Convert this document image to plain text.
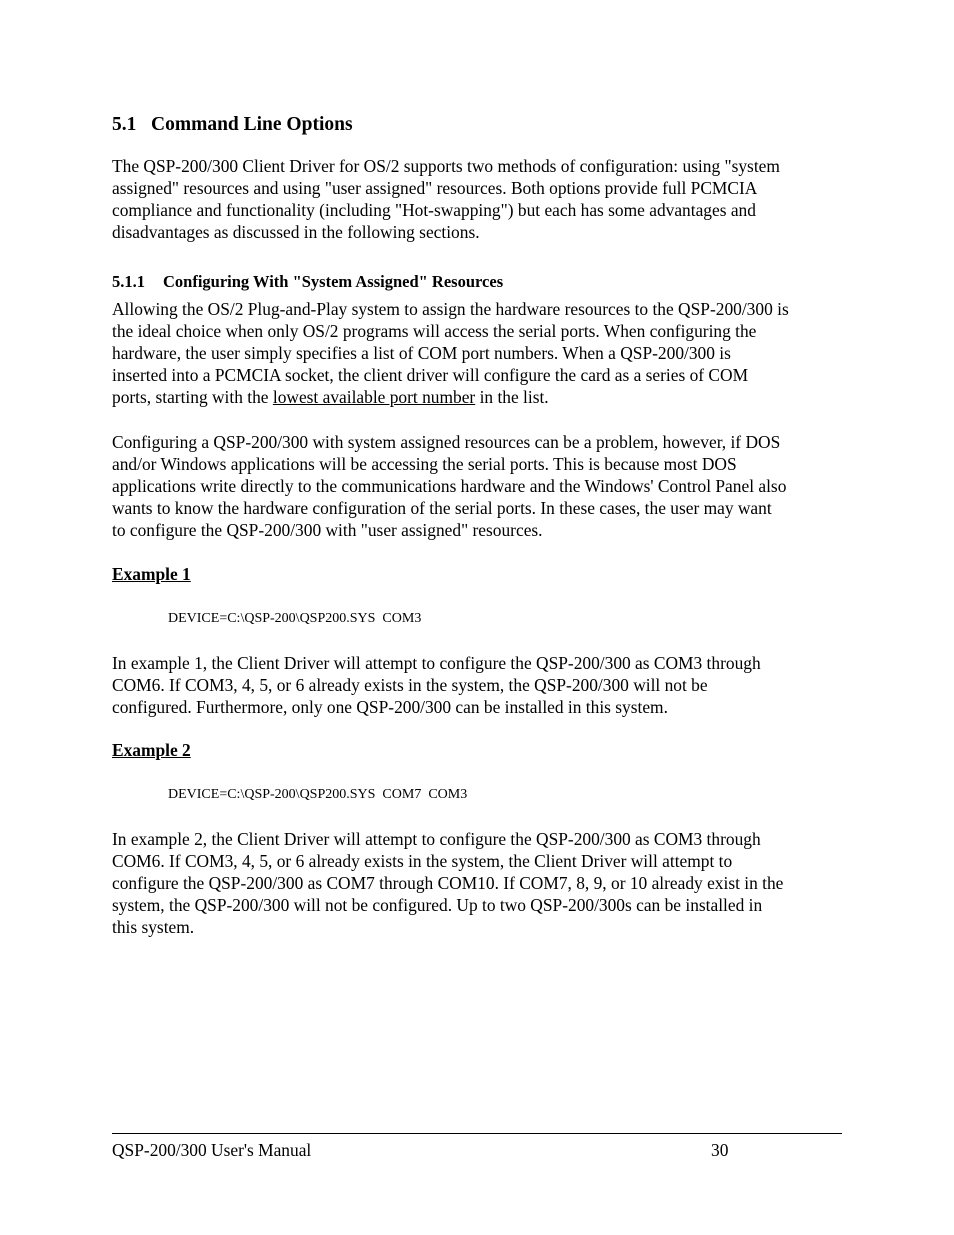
5.1 Command Line Options

The QSP-200/300 Client Driver for OS/2 supports two methods of configuration: using "system
assigned" resources and using "user assigned" resources. Both options provide full PCMCIA
compliance and functionality (including "Hot-swapping") but each has some advantages and
disadvantages as discussed in the following sections.

5.1.1 Configuring With "System Assigned" Resources

Allowing the OS/2 Plug-and-Play system to assign the hardware resources to the QSP-200/300 is
the ideal choice when only OS/2 programs will access the serial ports. When configuring the
hardware, the user simply specifies a list of COM port numbers. When a QSP-200/300 is
inserted into a PCMCIA socket, the client driver will configure the card as a series of COM
ports, starting with the lowest available port number in the list.

Configuring a QSP-200/300 with system assigned resources can be a problem, however, if DOS
and/or Windows applications will be accessing the serial ports. This is because most DOS
applications write directly to the communications hardware and the Windows' Control Panel also
wants to know the hardware configuration of the serial ports. In these cases, the user may want
to configure the QSP-200/300 with "user assigned" resources.

Example 1
DEVICE=C:\QSP-200\QSP200.SYS  COM3

In example 1, the Client Driver will attempt to configure the QSP-200/300 as COM3 through
COM6. If COM3, 4, 5, or 6 already exists in the system, the QSP-200/300 will not be
configured. Furthermore, only one QSP-200/300 can be installed in this system.

Example 2
DEVICE=C:\QSP-200\QSP200.SYS  COM7  COM3

In example 2, the Client Driver will attempt to configure the QSP-200/300 as COM3 through
COM6. If COM3, 4, 5, or 6 already exists in the system, the Client Driver will attempt to
configure the QSP-200/300 as COM7 through COM10. If COM7, 8, 9, or 10 already exist in the
system, the QSP-200/300 will not be configured. Up to two QSP-200/300s can be installed in
this system.

QSP-200/300 User's Manual	30
